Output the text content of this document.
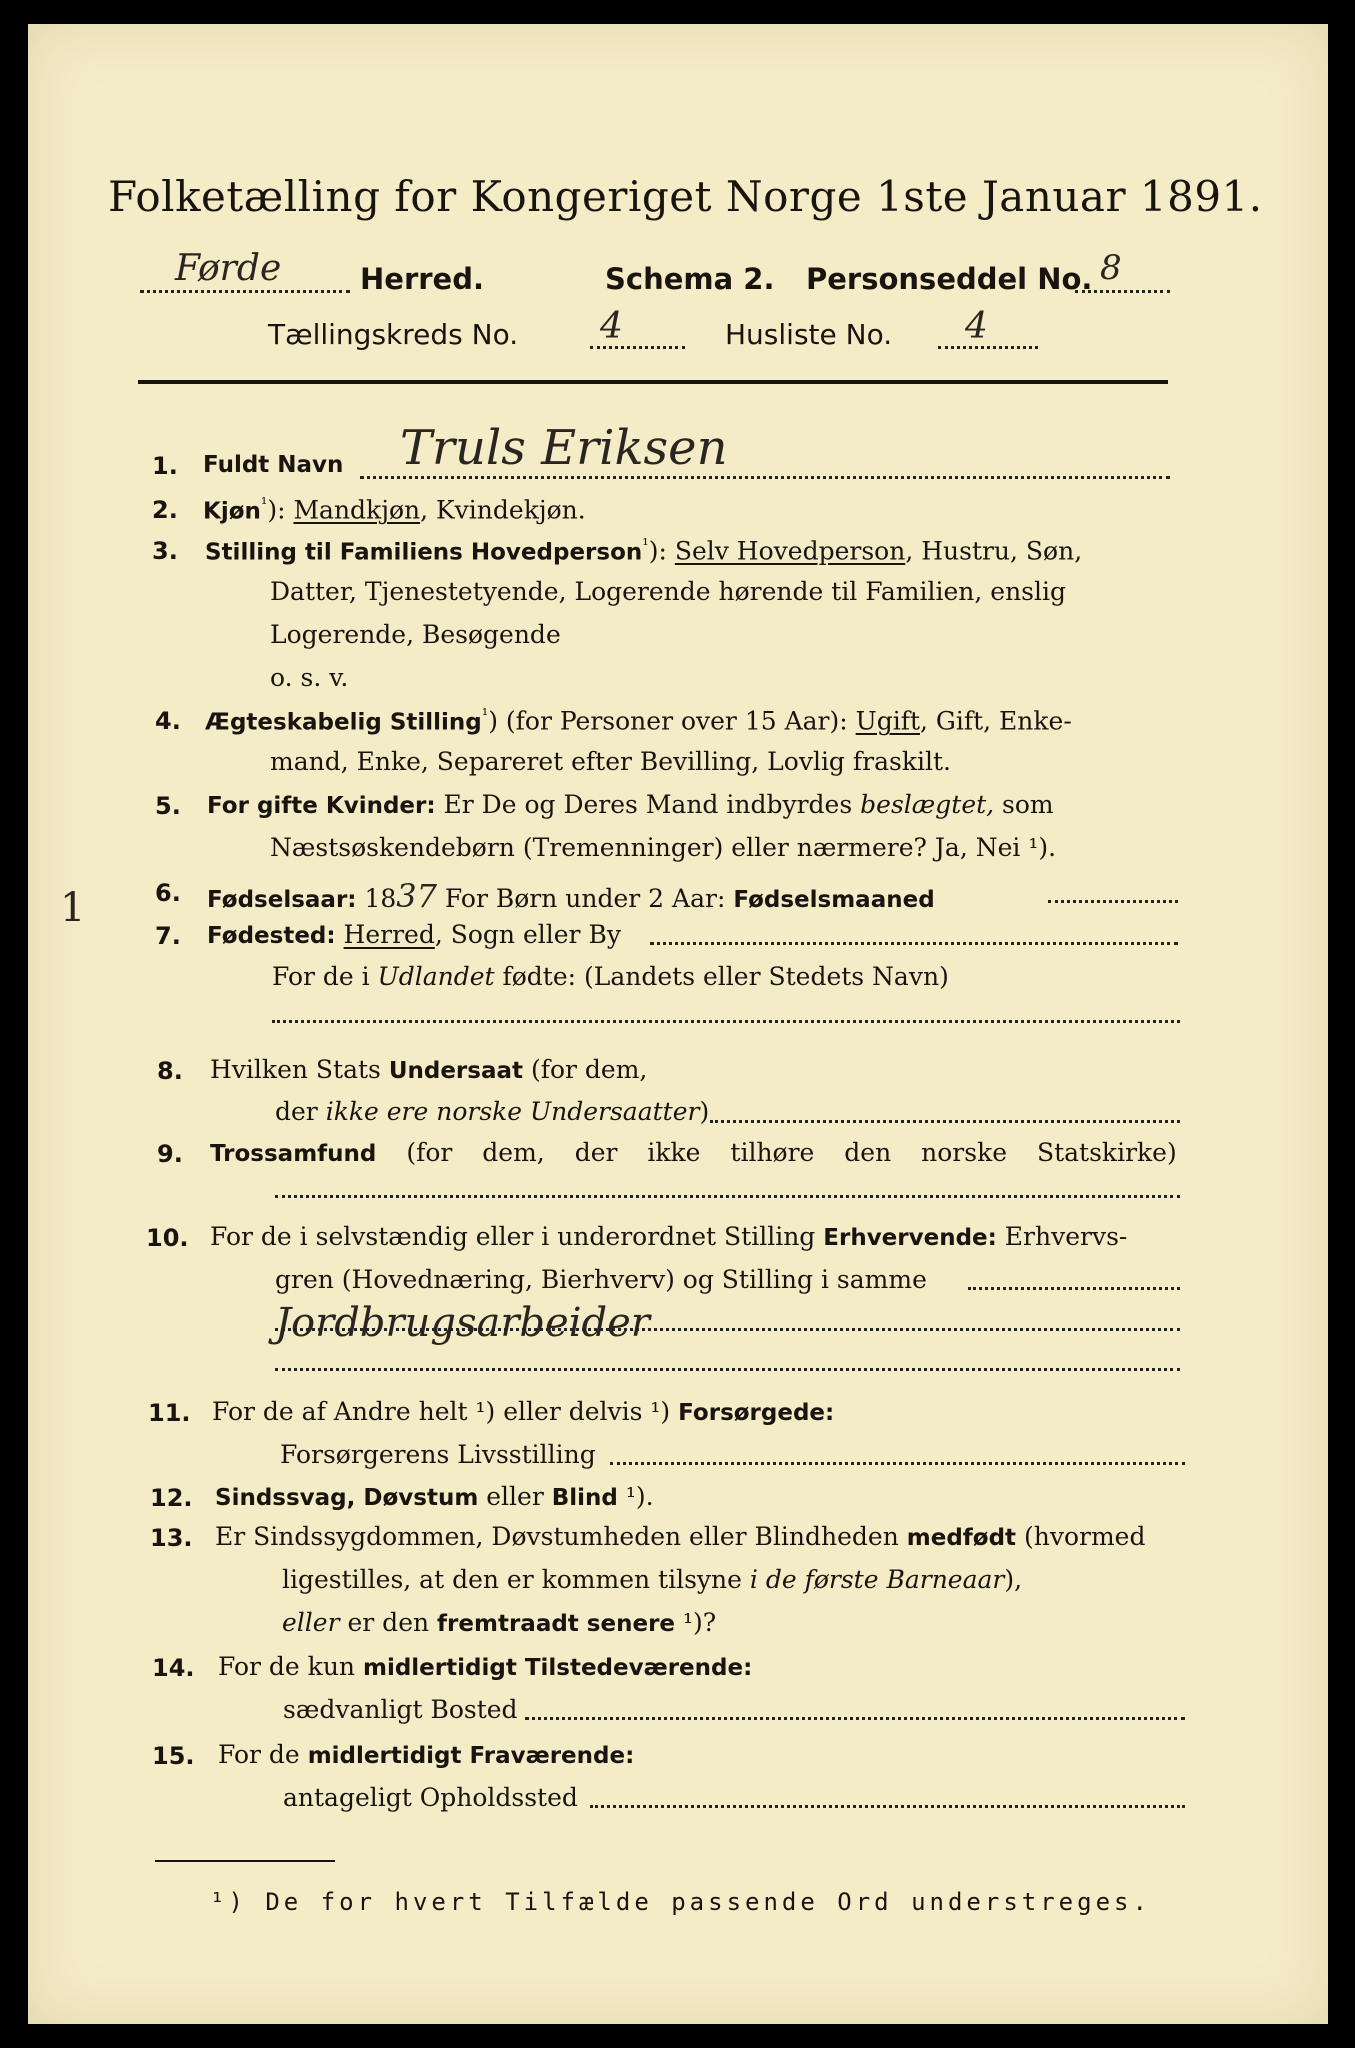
Folketælling for Kongeriget Norge 1ste Januar 1891.
Førde	Herred.	Schema 2. Personseddel No. 8
Tællingskreds No. 4	Husliste No. 4
1. Fuldt Navn Truls Eriksen
2. Kjøn$^{^1}$): Mandkjøn, Kvindekjøn.
3. Stilling til Familiens Hovedperson$^{^1}$): Selv Hovedperson, Hustru, Søn,
Datter, Tjenestetyende, Logerende hørende til Familien, enslig
Logerende, Besøgende
o. s. v.
4. Ægteskabelig Stilling$^{^1}$) (for Personer over 15 Aar): Ugift, Gift, Enke-
mand, Enke, Separeret efter Bevilling, Lovlig fraskilt.
5. For gifte Kvinder: Er De og Deres Mand indbyrdes beslægtet, som
Næstsøskendebørn (Tremenninger) eller nærmere? Ja, Nei ¹).
1	6. Fødselsaar: 1837 For Børn under 2 Aar: Fødselsmaaned
7. Fødested: Herred, Sogn eller By
For de i Udlandet fødte: (Landets eller Stedets Navn)
8. Hvilken Stats Undersaat (for dem,
der ikke ere norske Undersaatter)
9. Trossamfund (for dem, der ikke tilhøre den norske Statskirke)
10. For de i selvstændig eller i underordnet Stilling Erhvervende: Erhvervs-
gren (Hovednæring, Bierhverv) og Stilling i samme
Jordbrugsarbeider
11. For de af Andre helt ¹) eller delvis ¹) Forsørgede:
Forsørgerens Livsstilling
12. Sindssvag, Døvstum eller Blind ¹).
13. Er Sindssygdommen, Døvstumheden eller Blindheden medfødt (hvormed
ligestilles, at den er kommen tilsyne i de første Barneaar),
eller er den fremtraadt senere ¹)?
14. For de kun midlertidigt Tilstedeværende:
sædvanligt Bosted
15. For de midlertidigt Fraværende:
antageligt Opholdssted
¹) De for hvert Tilfælde passende Ord understreges.
